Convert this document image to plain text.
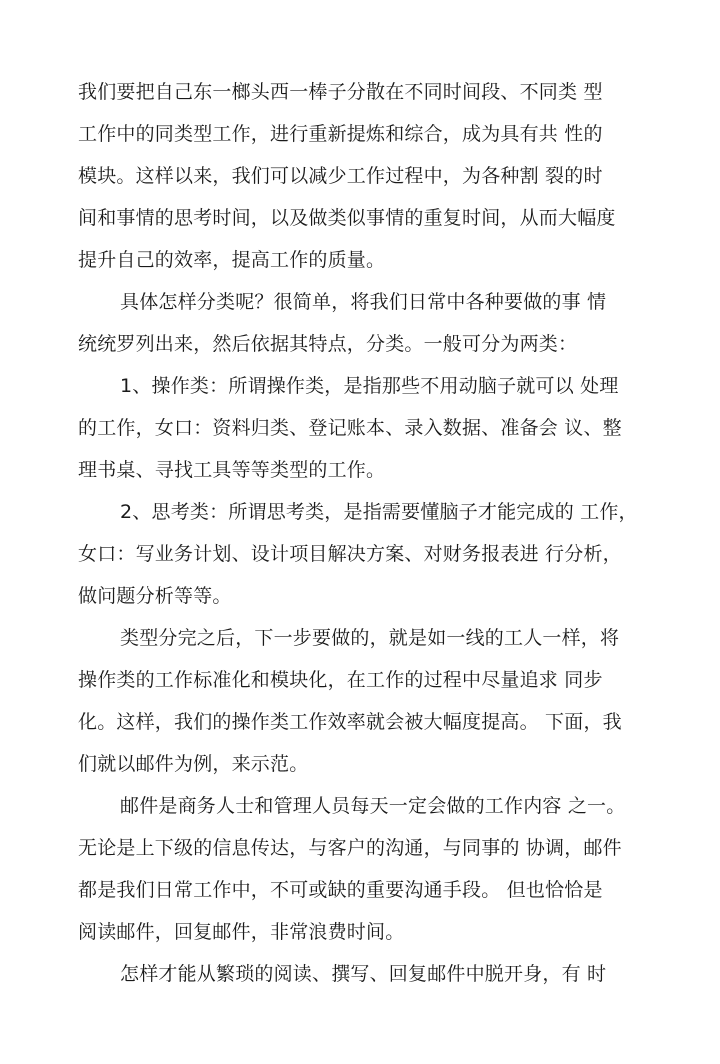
我们要把自己东一榔头西一棒子分散在不同时间段、不同类 型
工作中的同类型工作，进行重新提炼和综合，成为具有共 性的
模块。这样以来，我们可以减少工作过程中，为各种割 裂的时
间和事情的思考时间，以及做类似事情的重复时间，从而大幅度
提升自己的效率，提高工作的质量。
具体怎样分类呢？很简单，将我们日常中各种要做的事 情
统统罗列出来，然后依据其特点，分类。一般可分为两类：
1、操作类：所谓操作类，是指那些不用动脑子就可以 处理
的工作，女口：资料归类、登记账本、录入数据、准备会 议、整
理书桌、寻找工具等等类型的工作。
2、思考类：所谓思考类，是指需要懂脑子才能完成的 工作，
女口：写业务计划、设计项目解决方案、对财务报表进 行分析，
做问题分析等等。
类型分完之后，下一步要做的，就是如一线的工人一样，将
操作类的工作标准化和模块化，在工作的过程中尽量追求 同步
化。这样，我们的操作类工作效率就会被大幅度提高。 下面，我
们就以邮件为例，来示范。
邮件是商务人士和管理人员每天一定会做的工作内容 之一。
无论是上下级的信息传达，与客户的沟通，与同事的 协调，邮件
都是我们日常工作中，不可或缺的重要沟通手段。 但也恰恰是
阅读邮件，回复邮件，非常浪费时间。
怎样才能从繁琐的阅读、撰写、回复邮件中脱开身，有 时
